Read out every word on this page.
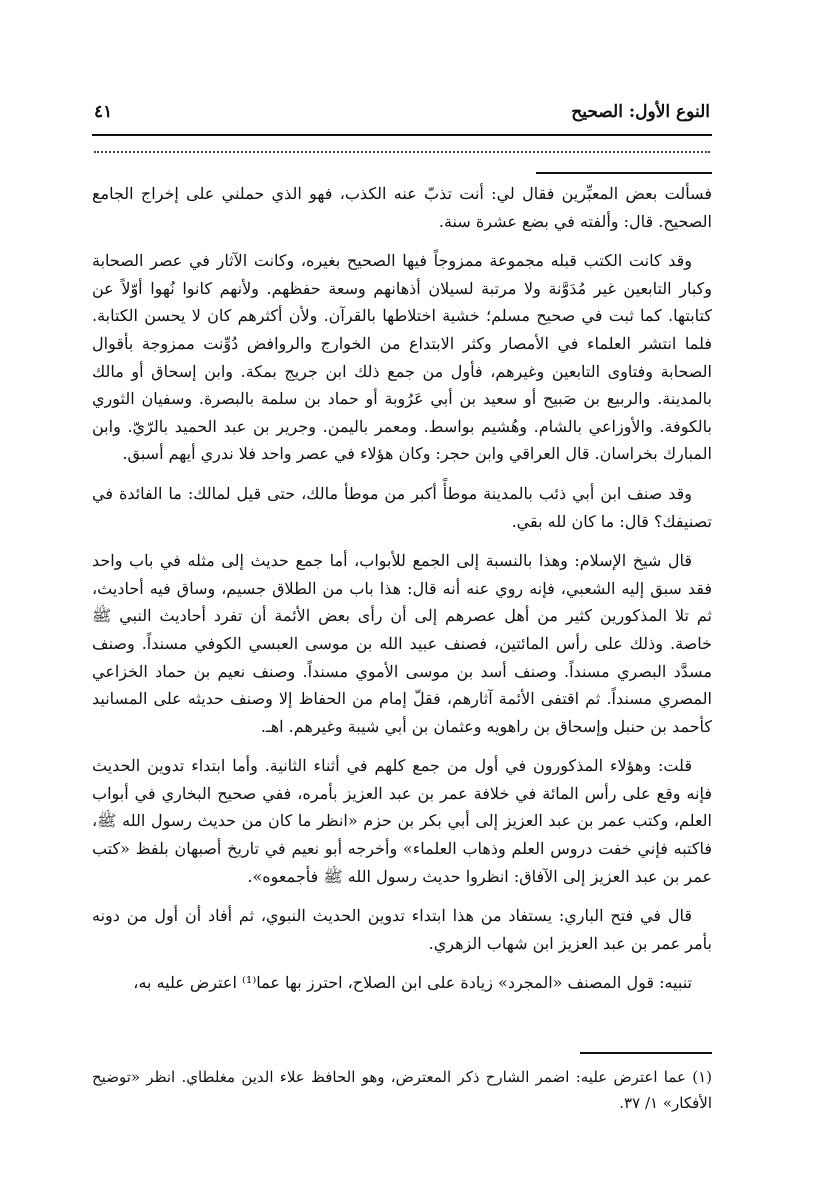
النوع الأول: الصحيح
٤١

فسألت بعض المعبِّرين فقال لي: أنت تذبّ عنه الكذب، فهو الذي حملني على إخراج الجامع الصحيح. قال: وألفته في بضع عشرة سنة.

وقد كانت الكتب قبله مجموعة ممزوجاً فيها الصحيح بغيره، وكانت الآثار في عصر الصحابة وكبار التابعين غير مُدَوَّنة ولا مرتبة لسيلان أذهانهم وسعة حفظهم. ولأنهم كانوا نُهوا أوّلاً عن كتابتها. كما ثبت في صحيح مسلم؛ خشية اختلاطها بالقرآن. ولأن أكثرهم كان لا يحسن الكتابة. فلما انتشر العلماء في الأمصار وكثر الابتداع من الخوارج والروافض دُوِّنت ممزوجة بأقوال الصحابة وفتاوى التابعين وغيرهم، فأول من جمع ذلك ابن جريج بمكة. وابن إسحاق أو مالك بالمدينة. والربيع بن صَبيح أو سعيد بن أبي عَرُوبة أو حماد بن سلمة بالبصرة. وسفيان الثوري بالكوفة. والأوزاعي بالشام. وهُشيم بواسط. ومعمر باليمن. وجرير بن عبد الحميد بالرّيّ. وابن المبارك بخراسان. قال العراقي وابن حجر: وكان هؤلاء في عصر واحد فلا ندري أيهم أسبق.

وقد صنف ابن أبي ذئب بالمدينة موطأً أكبر من موطأ مالك، حتى قيل لمالك: ما الفائدة في تصنيفك؟ قال: ما كان لله بقي.

قال شيخ الإسلام: وهذا بالنسبة إلى الجمع للأبواب، أما جمع حديث إلى مثله في باب واحد فقد سبق إليه الشعبي، فإنه روي عنه أنه قال: هذا باب من الطلاق جسيم، وساق فيه أحاديث، ثم تلا المذكورين كثير من أهل عصرهم إلى أن رأى بعض الأئمة أن تفرد أحاديث النبي ﷺ خاصة. وذلك على رأس المائتين، فصنف عبيد الله بن موسى العبسي الكوفي مسنداً. وصنف مسدَّد البصري مسنداً. وصنف أسد بن موسى الأموي مسنداً. وصنف نعيم بن حماد الخزاعي المصري مسنداً. ثم اقتفى الأئمة آثارهم، فقلّ إمام من الحفاظ إلا وصنف حديثه على المسانيد كأحمد بن حنبل وإسحاق بن راهويه وعثمان بن أبي شيبة وغيرهم. اهـ.

قلت: وهؤلاء المذكورون في أول من جمع كلهم في أثناء الثانية. وأما ابتداء تدوين الحديث فإنه وقع على رأس المائة في خلافة عمر بن عبد العزيز بأمره، ففي صحيح البخاري في أبواب العلم، وكتب عمر بن عبد العزيز إلى أبي بكر بن حزم «انظر ما كان من حديث رسول الله ﷺ، فاكتبه فإني خفت دروس العلم وذهاب العلماء» وأخرجه أبو نعيم في تاريخ أصبهان بلفظ «كتب عمر بن عبد العزيز إلى الآفاق: انظروا حديث رسول الله ﷺ فأجمعوه».

قال في فتح الباري: يستفاد من هذا ابتداء تدوين الحديث النبوي، ثم أفاد أن أول من دونه بأمر عمر بن عبد العزيز ابن شهاب الزهري.

تنبيه: قول المصنف «المجرد» زيادة على ابن الصلاح، احترز بها عما⁽¹⁾ اعترض عليه به،

(١) عما اعترض عليه: اضمر الشارح ذكر المعترض، وهو الحافظ علاء الدين مغلطاي. انظر «توضيح الأفكار» ١/ ٣٧.
